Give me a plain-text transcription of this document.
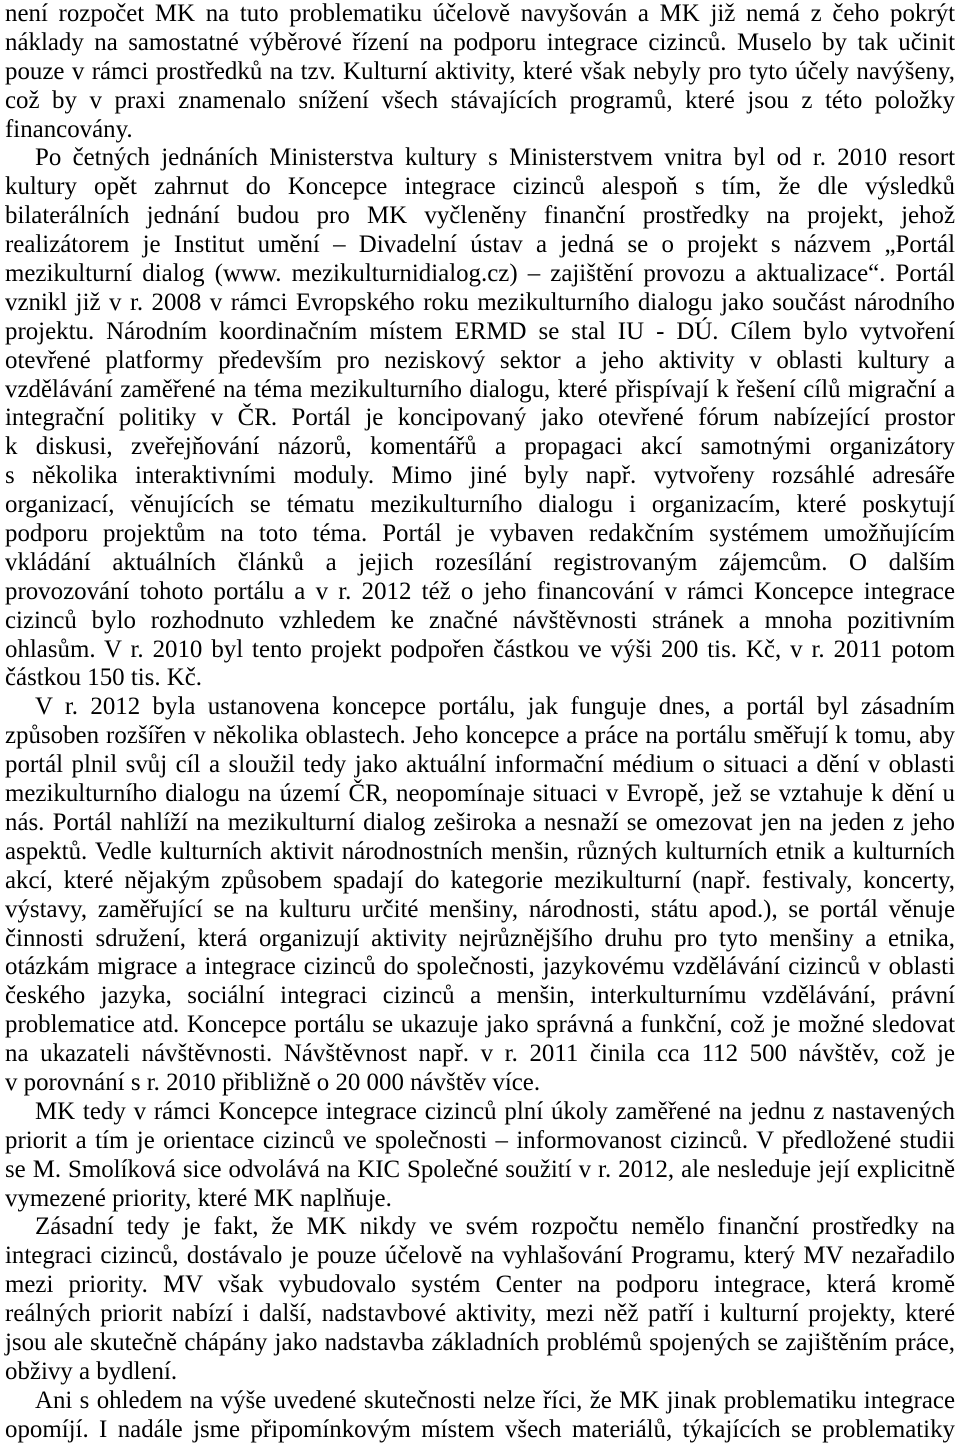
není rozpočet MK na tuto problematiku účelově navyšován a MK již nemá z čeho pokrýt
náklady na samostatné výběrové řízení na podporu integrace cizinců. Muselo by tak učinit
pouze v rámci prostředků na tzv. Kulturní aktivity, které však nebyly pro tyto účely navýšeny,
což by v praxi znamenalo snížení všech stávajících programů, které jsou z této položky
financovány.
Po četných jednáních Ministerstva kultury s Ministerstvem vnitra byl od r. 2010 resort
kultury opět zahrnut do Koncepce integrace cizinců alespoň s tím, že dle výsledků
bilaterálních jednání budou pro MK vyčleněny finanční prostředky na projekt, jehož
realizátorem je Institut umění – Divadelní ústav a jedná se o projekt s názvem „Portál
mezikulturní dialog (www. mezikulturnidialog.cz) – zajištění provozu a aktualizace“. Portál
vznikl již v r. 2008 v rámci Evropského roku mezikulturního dialogu jako součást národního
projektu. Národním koordinačním místem ERMD se stal IU - DÚ. Cílem bylo vytvoření
otevřené platformy především pro neziskový sektor a jeho aktivity v oblasti kultury a
vzdělávání zaměřené na téma mezikulturního dialogu, které přispívají k řešení cílů migrační a
integrační politiky v ČR. Portál je koncipovaný jako otevřené fórum nabízející prostor
k diskusi, zveřejňování názorů, komentářů a propagaci akcí samotnými organizátory
s několika interaktivními moduly. Mimo jiné byly např. vytvořeny rozsáhlé adresáře
organizací, věnujících se tématu mezikulturního dialogu i organizacím, které poskytují
podporu projektům na toto téma. Portál je vybaven redakčním systémem umožňujícím
vkládání aktuálních článků a jejich rozesílání registrovaným zájemcům. O dalším
provozování tohoto portálu a v r. 2012 též o jeho financování v rámci Koncepce integrace
cizinců bylo rozhodnuto vzhledem ke značné návštěvnosti stránek a mnoha pozitivním
ohlasům. V r. 2010 byl tento projekt podpořen částkou ve výši 200 tis. Kč, v r. 2011 potom
částkou 150 tis. Kč.
V r. 2012 byla ustanovena koncepce portálu, jak funguje dnes, a portál byl zásadním
způsoben rozšířen v několika oblastech. Jeho koncepce a práce na portálu směřují k tomu, aby
portál plnil svůj cíl a sloužil tedy jako aktuální informační médium o situaci a dění v oblasti
mezikulturního dialogu na území ČR, neopomínaje situaci v Evropě, jež se vztahuje k dění u
nás. Portál nahlíží na mezikulturní dialog zeširoka a nesnaží se omezovat jen na jeden z jeho
aspektů. Vedle kulturních aktivit národnostních menšin, různých kulturních etnik a kulturních
akcí, které nějakým způsobem spadají do kategorie mezikulturní (např. festivaly, koncerty,
výstavy, zaměřující se na kulturu určité menšiny, národnosti, státu apod.), se portál věnuje
činnosti sdružení, která organizují aktivity nejrůznějšího druhu pro tyto menšiny a etnika,
otázkám migrace a integrace cizinců do společnosti, jazykovému vzdělávání cizinců v oblasti
českého jazyka, sociální integraci cizinců a menšin, interkulturnímu vzdělávání, právní
problematice atd. Koncepce portálu se ukazuje jako správná a funkční, což je možné sledovat
na ukazateli návštěvnosti. Návštěvnost např. v r. 2011 činila cca 112 500 návštěv, což je
v porovnání s r. 2010 přibližně o 20 000 návštěv více.
MK tedy v rámci Koncepce integrace cizinců plní úkoly zaměřené na jednu z nastavených
priorit a tím je orientace cizinců ve společnosti – informovanost cizinců. V předložené studii
se M. Smolíková sice odvolává na KIC Společné soužití v r. 2012, ale nesleduje její explicitně
vymezené priority, které MK naplňuje.
Zásadní tedy je fakt, že MK nikdy ve svém rozpočtu nemělo finanční prostředky na
integraci cizinců, dostávalo je pouze účelově na vyhlašování Programu, který MV nezařadilo
mezi priority. MV však vybudovalo systém Center na podporu integrace, která kromě
reálných priorit nabízí i další, nadstavbové aktivity, mezi něž patří i kulturní projekty, které
jsou ale skutečně chápány jako nadstavba základních problémů spojených se zajištěním práce,
obživy a bydlení.
Ani s ohledem na výše uvedené skutečnosti nelze říci, že MK jinak problematiku integrace
opomíjí. I nadále jsme připomínkovým místem všech materiálů, týkajících se problematiky
